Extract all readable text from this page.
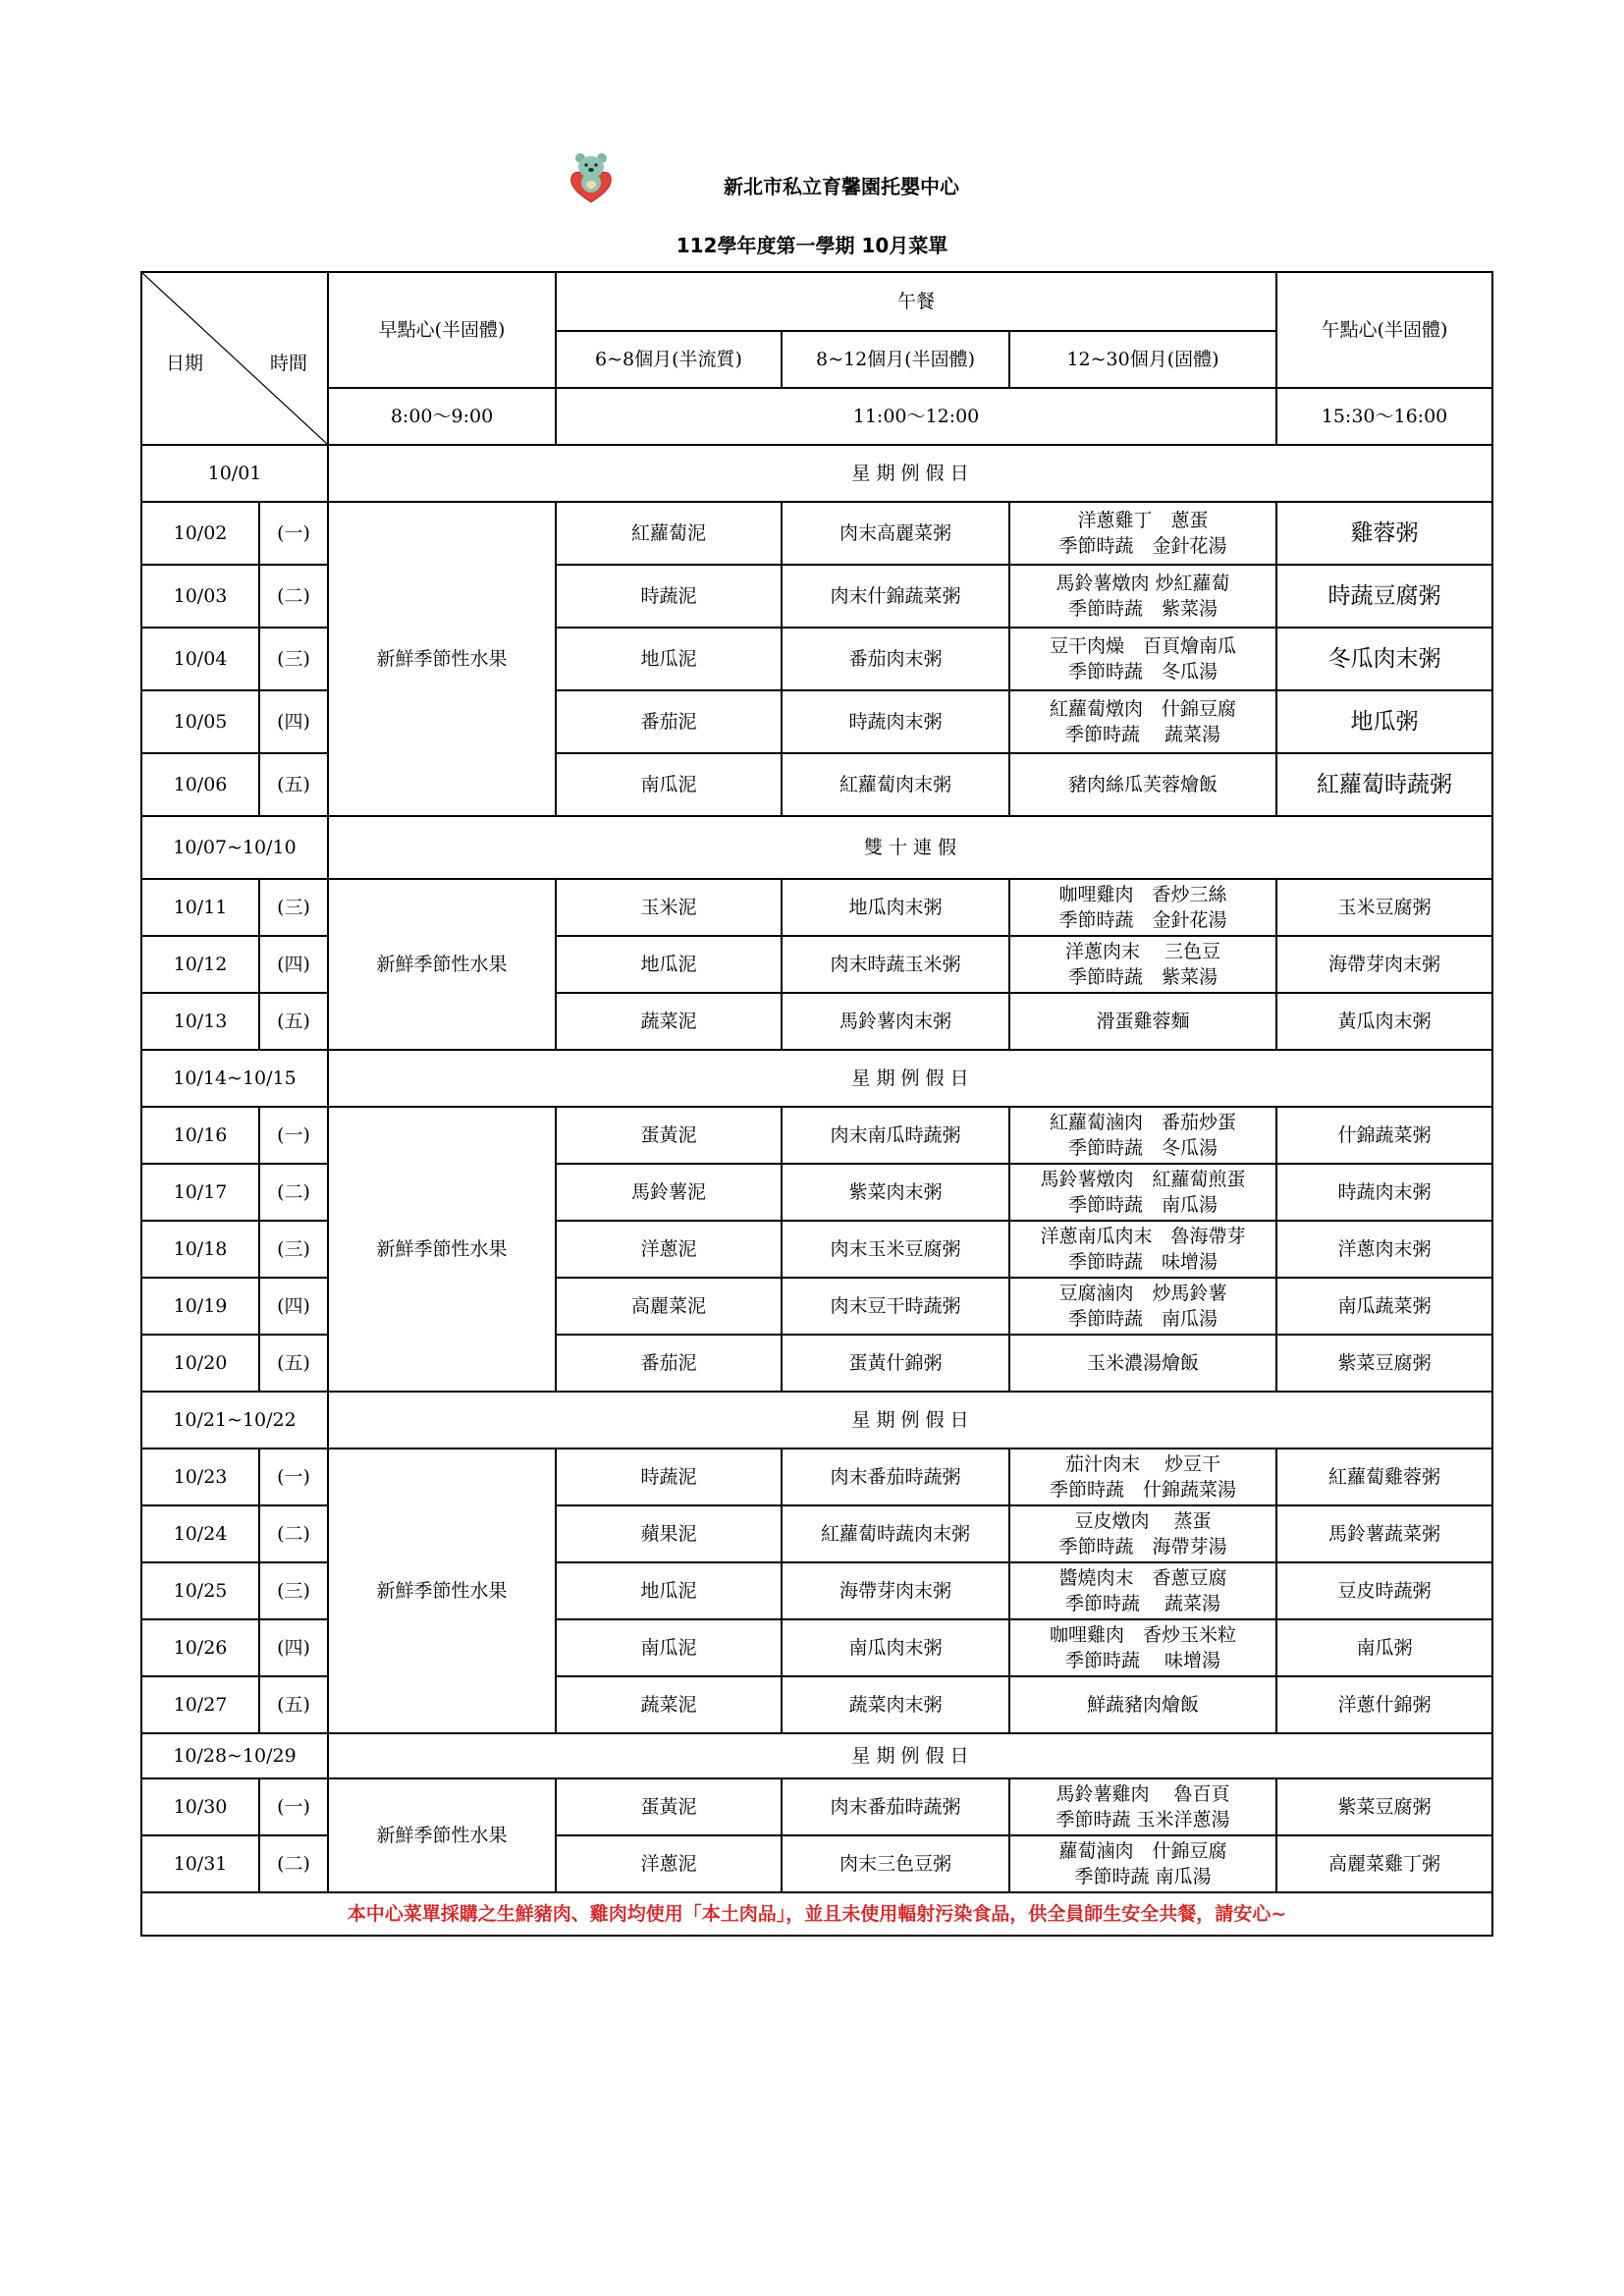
新北市私立育馨園托嬰中心
112學年度第一學期 10月菜單
日期 時間		早點心(半固體)	午餐			午點心(半固體)
			6~8個月(半流質)	8~12個月(半固體)	12~30個月(固體)	
		8:00～9:00	11:00～12:00			15:30～16:00
10/01		星 期 例 假 日				
10/02	(一)	新鮮季節性水果	紅蘿蔔泥	肉末高麗菜粥	洋蔥雞丁　蔥蛋
季節時蔬　金針花湯	雞蓉粥
10/03	(二)		時蔬泥	肉末什錦蔬菜粥	馬鈴薯燉肉 炒紅蘿蔔
季節時蔬　紫菜湯	時蔬豆腐粥
10/04	(三)		地瓜泥	番茄肉末粥	豆干肉燥　百頁燴南瓜
季節時蔬　冬瓜湯	冬瓜肉末粥
10/05	(四)		番茄泥	時蔬肉末粥	紅蘿蔔燉肉　什錦豆腐
季節時蔬　 蔬菜湯	地瓜粥
10/06	(五)		南瓜泥	紅蘿蔔肉末粥	豬肉絲瓜芙蓉燴飯	紅蘿蔔時蔬粥
10/07~10/10		雙 十 連 假				
10/11	(三)	新鮮季節性水果	玉米泥	地瓜肉末粥	咖哩雞肉　香炒三絲
季節時蔬　金針花湯	玉米豆腐粥
10/12	(四)		地瓜泥	肉末時蔬玉米粥	洋蔥肉末　 三色豆
季節時蔬　紫菜湯	海帶芽肉末粥
10/13	(五)		蔬菜泥	馬鈴薯肉末粥	滑蛋雞蓉麵	黃瓜肉末粥
10/14~10/15		星 期 例 假 日				
10/16	(一)	新鮮季節性水果	蛋黃泥	肉末南瓜時蔬粥	紅蘿蔔滷肉　番茄炒蛋
季節時蔬　冬瓜湯	什錦蔬菜粥
10/17	(二)		馬鈴薯泥	紫菜肉末粥	馬鈴薯燉肉　紅蘿蔔煎蛋
季節時蔬　南瓜湯	時蔬肉末粥
10/18	(三)		洋蔥泥	肉末玉米豆腐粥	洋蔥南瓜肉末　魯海帶芽
季節時蔬　味增湯	洋蔥肉末粥
10/19	(四)		高麗菜泥	肉末豆干時蔬粥	豆腐滷肉　炒馬鈴薯
季節時蔬　南瓜湯	南瓜蔬菜粥
10/20	(五)		番茄泥	蛋黃什錦粥	玉米濃湯燴飯	紫菜豆腐粥
10/21~10/22		星 期 例 假 日				
10/23	(一)	新鮮季節性水果	時蔬泥	肉末番茄時蔬粥	茄汁肉末　 炒豆干
季節時蔬　什錦蔬菜湯	紅蘿蔔雞蓉粥
10/24	(二)		蘋果泥	紅蘿蔔時蔬肉末粥	豆皮燉肉　 蒸蛋
季節時蔬　海帶芽湯	馬鈴薯蔬菜粥
10/25	(三)		地瓜泥	海帶芽肉末粥	醬燒肉末　香蔥豆腐
季節時蔬　 蔬菜湯	豆皮時蔬粥
10/26	(四)		南瓜泥	南瓜肉末粥	咖哩雞肉　香炒玉米粒
季節時蔬　 味增湯	南瓜粥
10/27	(五)		蔬菜泥	蔬菜肉末粥	鮮蔬豬肉燴飯	洋蔥什錦粥
10/28~10/29		星 期 例 假 日				
10/30	(一)	新鮮季節性水果	蛋黃泥	肉末番茄時蔬粥	馬鈴薯雞肉　 魯百頁
季節時蔬 玉米洋蔥湯	紫菜豆腐粥
10/31	(二)		洋蔥泥	肉末三色豆粥	蘿蔔滷肉　什錦豆腐
季節時蔬 南瓜湯	高麗菜雞丁粥
本中心菜單採購之生鮮豬肉、雞肉均使用「本土肉品」，並且未使用輻射污染食品，供全員師生安全共餐，請安心~						
